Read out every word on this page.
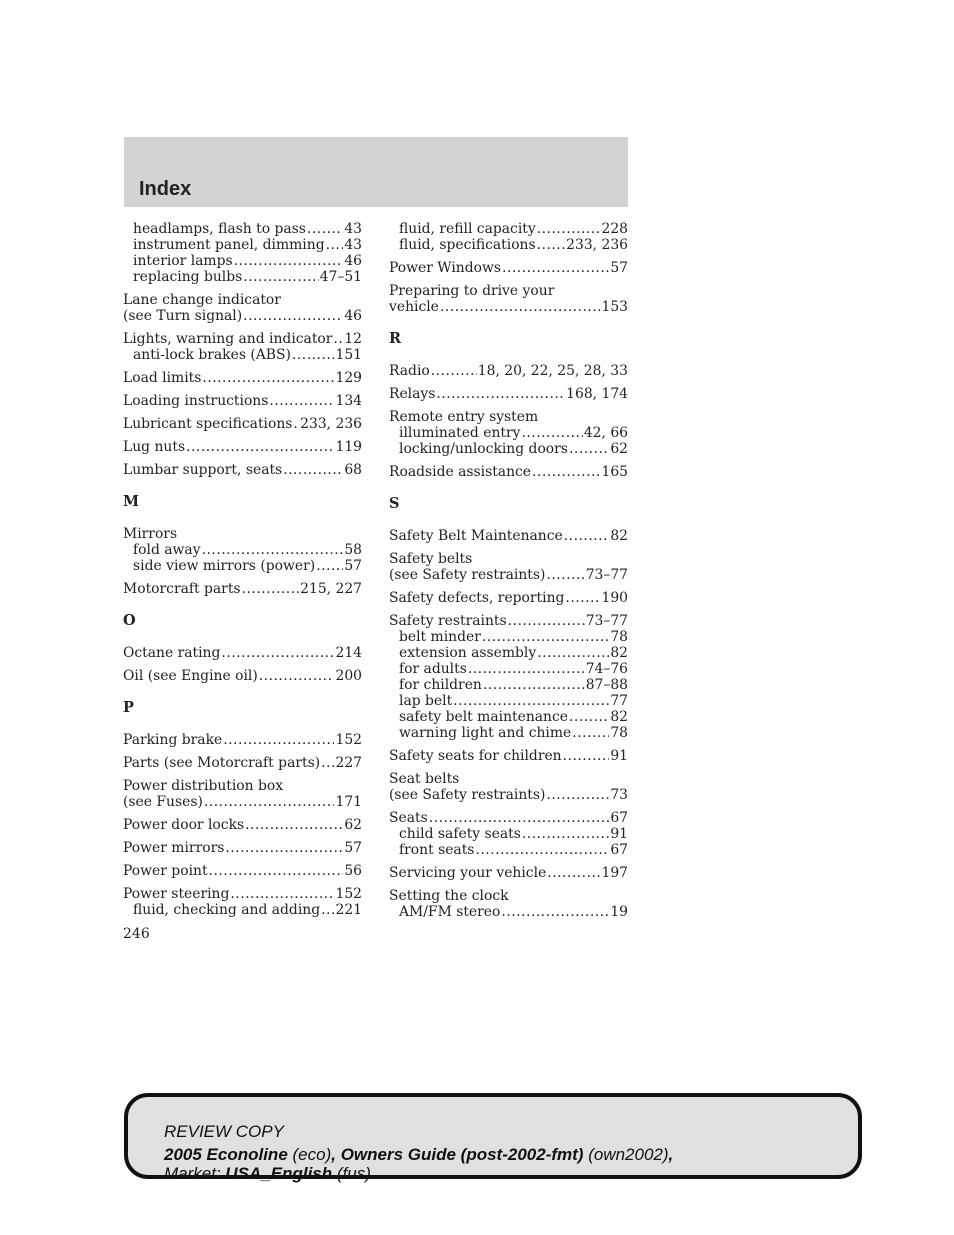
Index
headlamps, flash to pass .....	43
instrument panel, dimming ..... 43
interior lamps .....	46
replacing bulbs .....	47–51
Lane change indicator
(see Turn signal) .....	46
Lights, warning and indicator ..... 12
anti-lock brakes (ABS) .....	151
Load limits .....	129
Loading instructions .....	134
Lubricant specifications ..... 233, 236
Lug nuts .....	119
Lumbar support, seats .....	68
M
Mirrors
fold away .....	58
side view mirrors (power) ..... 57
Motorcraft parts .....	215, 227
O
Octane rating .....	214
Oil (see Engine oil) .....	200
P
Parking brake .....	152
Parts (see Motorcraft parts) ..... 227
Power distribution box
(see Fuses) .....	171
Power door locks .....	62
Power mirrors .....	57
Power point .....	56
Power steering .....	152
fluid, checking and adding ..... 221
fluid, refill capacity .....	228
fluid, specifications ..... 233, 236
Power Windows .....	57
Preparing to drive your
vehicle .....	153
R
Radio .....	18, 20, 22, 25, 28, 33
Relays .....	168, 174
Remote entry system
illuminated entry .....	42, 66
locking/unlocking doors .....	62
Roadside assistance .....	165
S
Safety Belt Maintenance .....	82
Safety belts
(see Safety restraints) .....	73–77
Safety defects, reporting .....	190
Safety restraints .....	73–77
belt minder .....	78
extension assembly .....	82
for adults .....	74–76
for children .....	87–88
lap belt .....	77
safety belt maintenance .....	82
warning light and chime .....	78
Safety seats for children .....	91
Seat belts
(see Safety restraints) .....	73
Seats .....	67
child safety seats .....	91
front seats .....	67
Servicing your vehicle .....	197
Setting the clock
AM/FM stereo .....	19
246
REVIEW COPY
2005 Econoline (eco), Owners Guide (post-2002-fmt) (own2002),
Market: USA_English (fus)
